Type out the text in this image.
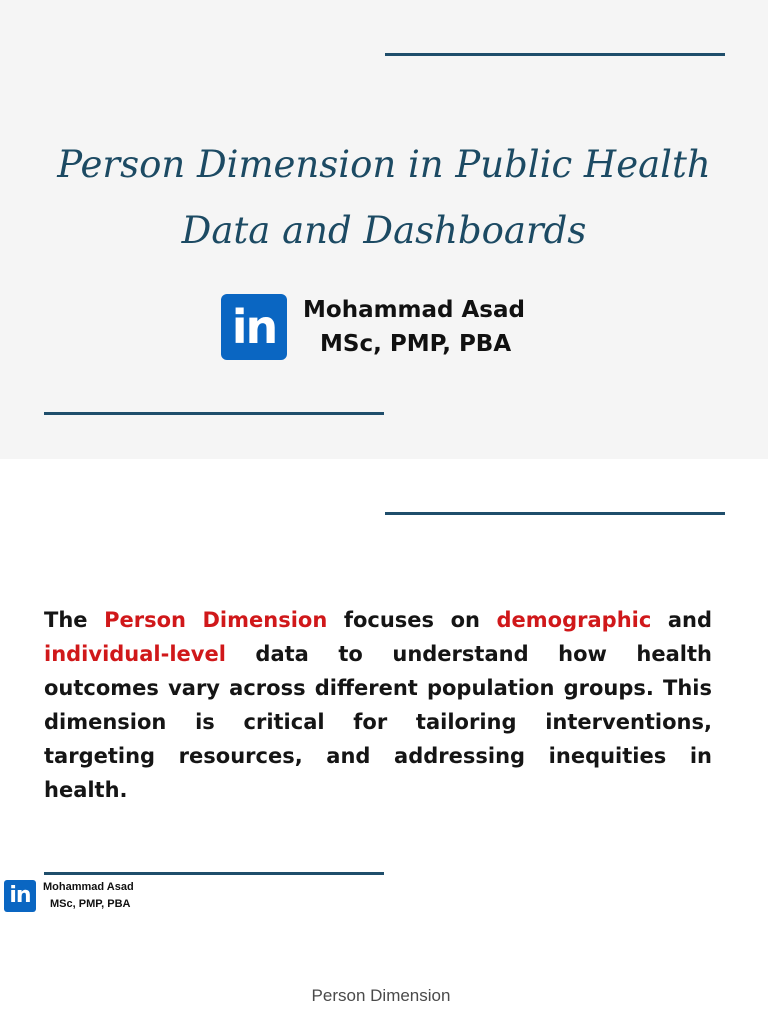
Person Dimension in Public Health
Data and Dashboards
in	Mohammad Asad
MSc, PMP, PBA

The Person Dimension focuses on demographic and individual-level data to understand how health outcomes vary across different population groups. This dimension is critical for tailoring interventions, targeting resources, and addressing inequities in health.

in	Mohammad Asad
MSc, PMP, PBA
Person Dimension
